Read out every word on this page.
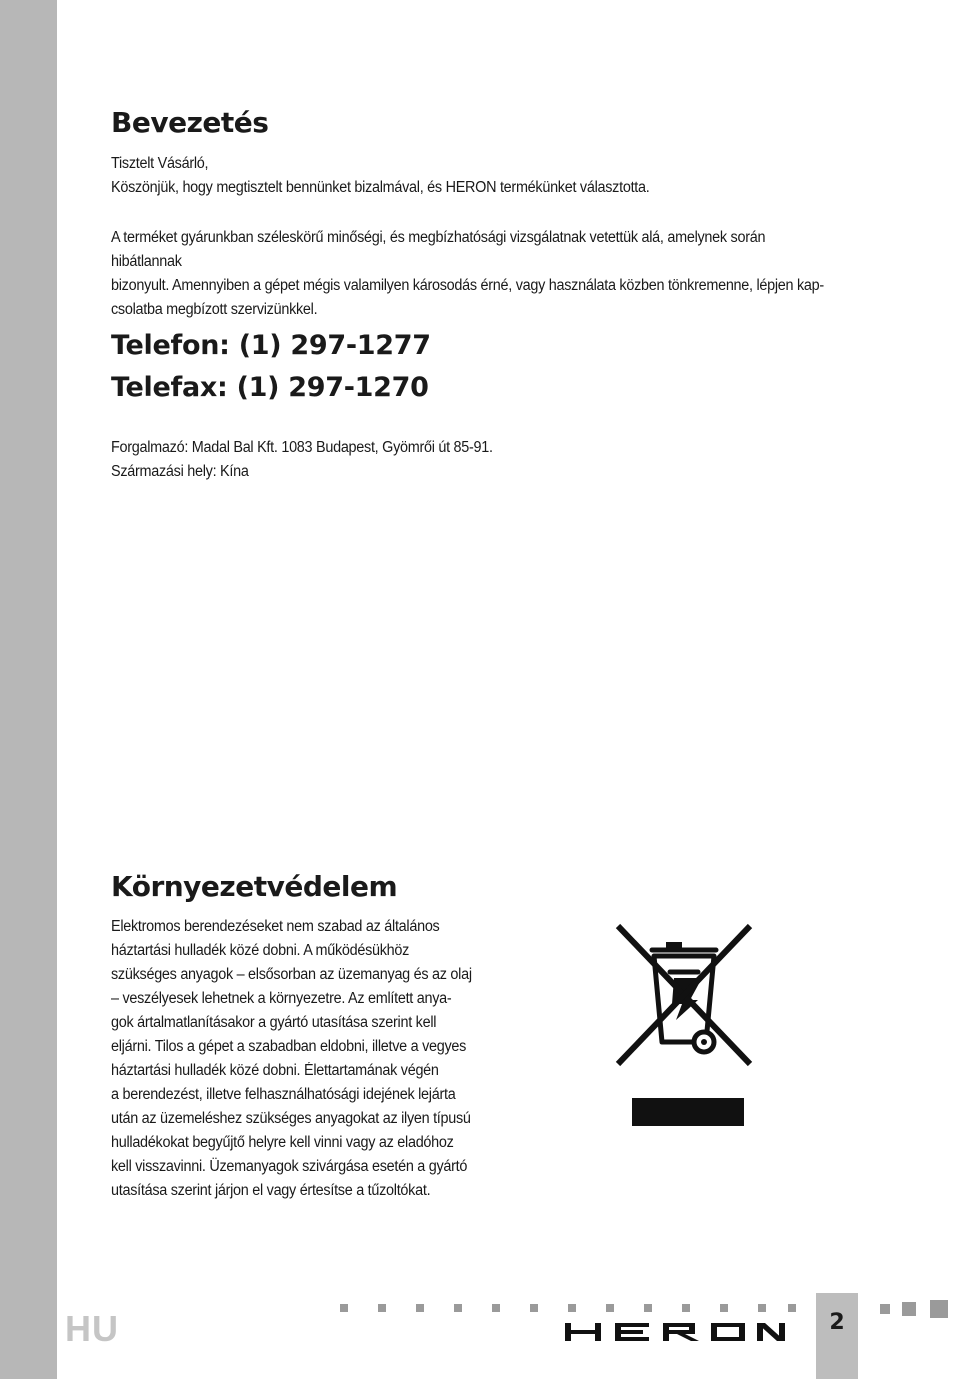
Bevezetés

Tisztelt Vásárló,

Köszönjük, hogy megtisztelt bennünket bizalmával, és HERON termékünket választotta.

A terméket gyárunkban széleskörű minőségi, és megbízhatósági vizsgálatnak vetettük alá, amelynek során hibátlannak

bizonyult. Amennyiben a gépet mégis valamilyen károsodás érné, vagy használata közben tönkremenne, lépjen kap-

csolatba megbízott szervizünkkel.

Telefon: (1) 297-1277

Telefax: (1) 297-1270

Forgalmazó: Madal Bal Kft. 1083 Budapest, Gyömrői út 85-91.

Származási hely: Kína

Környezetvédelem

Elektromos berendezéseket nem szabad az általános

háztartási hulladék közé dobni. A működésükhöz

szükséges anyagok – elsősorban az üzemanyag és az olaj

– veszélyesek lehetnek a környezetre. Az említett anya-

gok ártalmatlanításakor a gyártó utasítása szerint kell

eljárni. Tilos a gépet a szabadban eldobni, illetve a vegyes

háztartási hulladék közé dobni. Élettartamának végén

a berendezést, illetve felhasználhatósági idejének lejárta

után az üzemeléshez szükséges anyagokat az ilyen típusú

hulladékokat begyűjtő helyre kell vinni vagy az eladóhoz

kell visszavinni. Üzemanyagok szivárgása esetén a gyártó

utasítása szerint járjon el vagy értesítse a tűzoltókat.

HU	2
